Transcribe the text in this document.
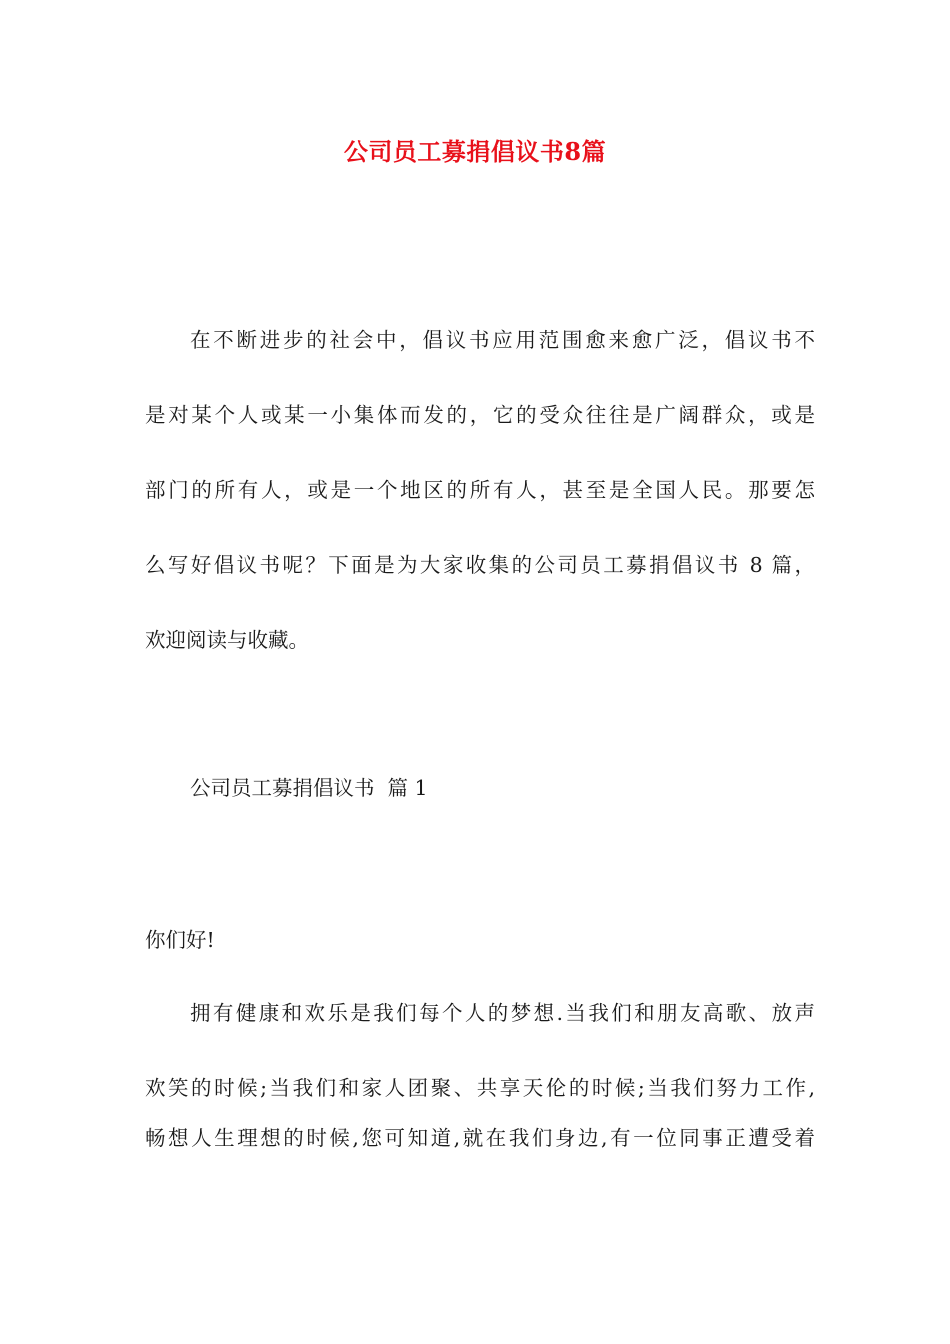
公司员工募捐倡议书8篇
在不断进步的社会中，倡议书应用范围愈来愈广泛，倡议书不
是对某个人或某一小集体而发的，它的受众往往是广阔群众，或是
部门的所有人，或是一个地区的所有人，甚至是全国人民。那要怎
么写好倡议书呢？下面是为大家收集的公司员工募捐倡议书 8 篇，
欢迎阅读与收藏。
公司员工募捐倡议书  篇 1
你们好!
拥有健康和欢乐是我们每个人的梦想.当我们和朋友高歌、放声
欢笑的时候;当我们和家人团聚、共享天伦的时候;当我们努力工作,
畅想人生理想的时候,您可知道,就在我们身边,有一位同事正遭受着
